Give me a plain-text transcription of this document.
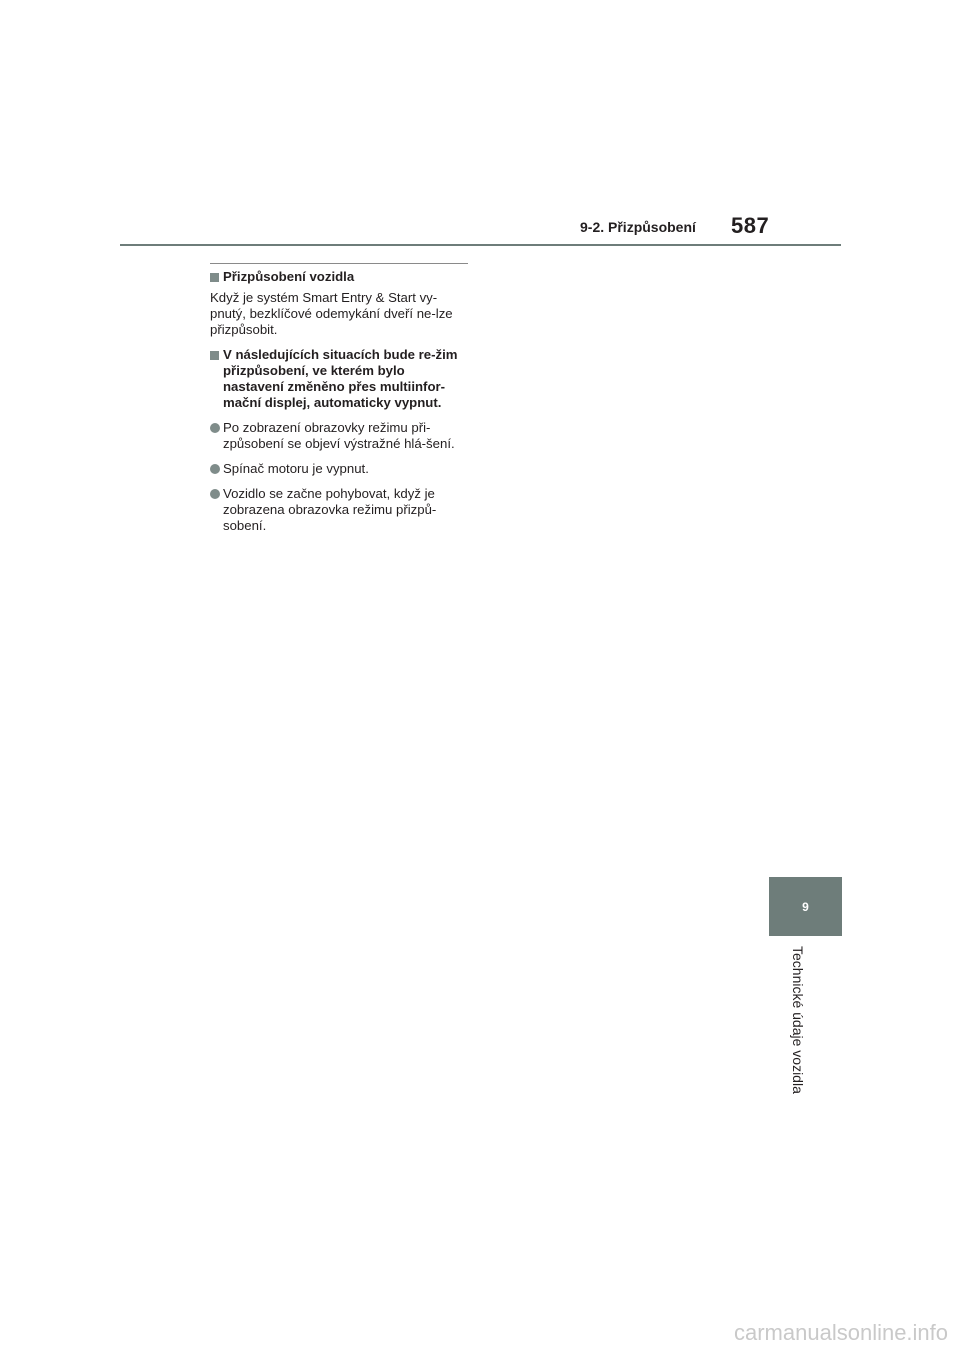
9-2. Přizpůsobení 587
Přizpůsobení vozidla

Když je systém Smart Entry & Start vy-pnutý, bezklíčové odemykání dveří ne-lze přizpůsobit.

V následujících situacích bude re-žim přizpůsobení, ve kterém bylo nastavení změněno přes multiinfor-mační displej, automaticky vypnut.
Po zobrazení obrazovky režimu při-způsobení se objeví výstražné hlá-šení.
Spínač motoru je vypnut.
Vozidlo se začne pohybovat, když je zobrazena obrazovka režimu přizpů-sobení.
9
Technické údaje vozidla
carmanualsonline.info
